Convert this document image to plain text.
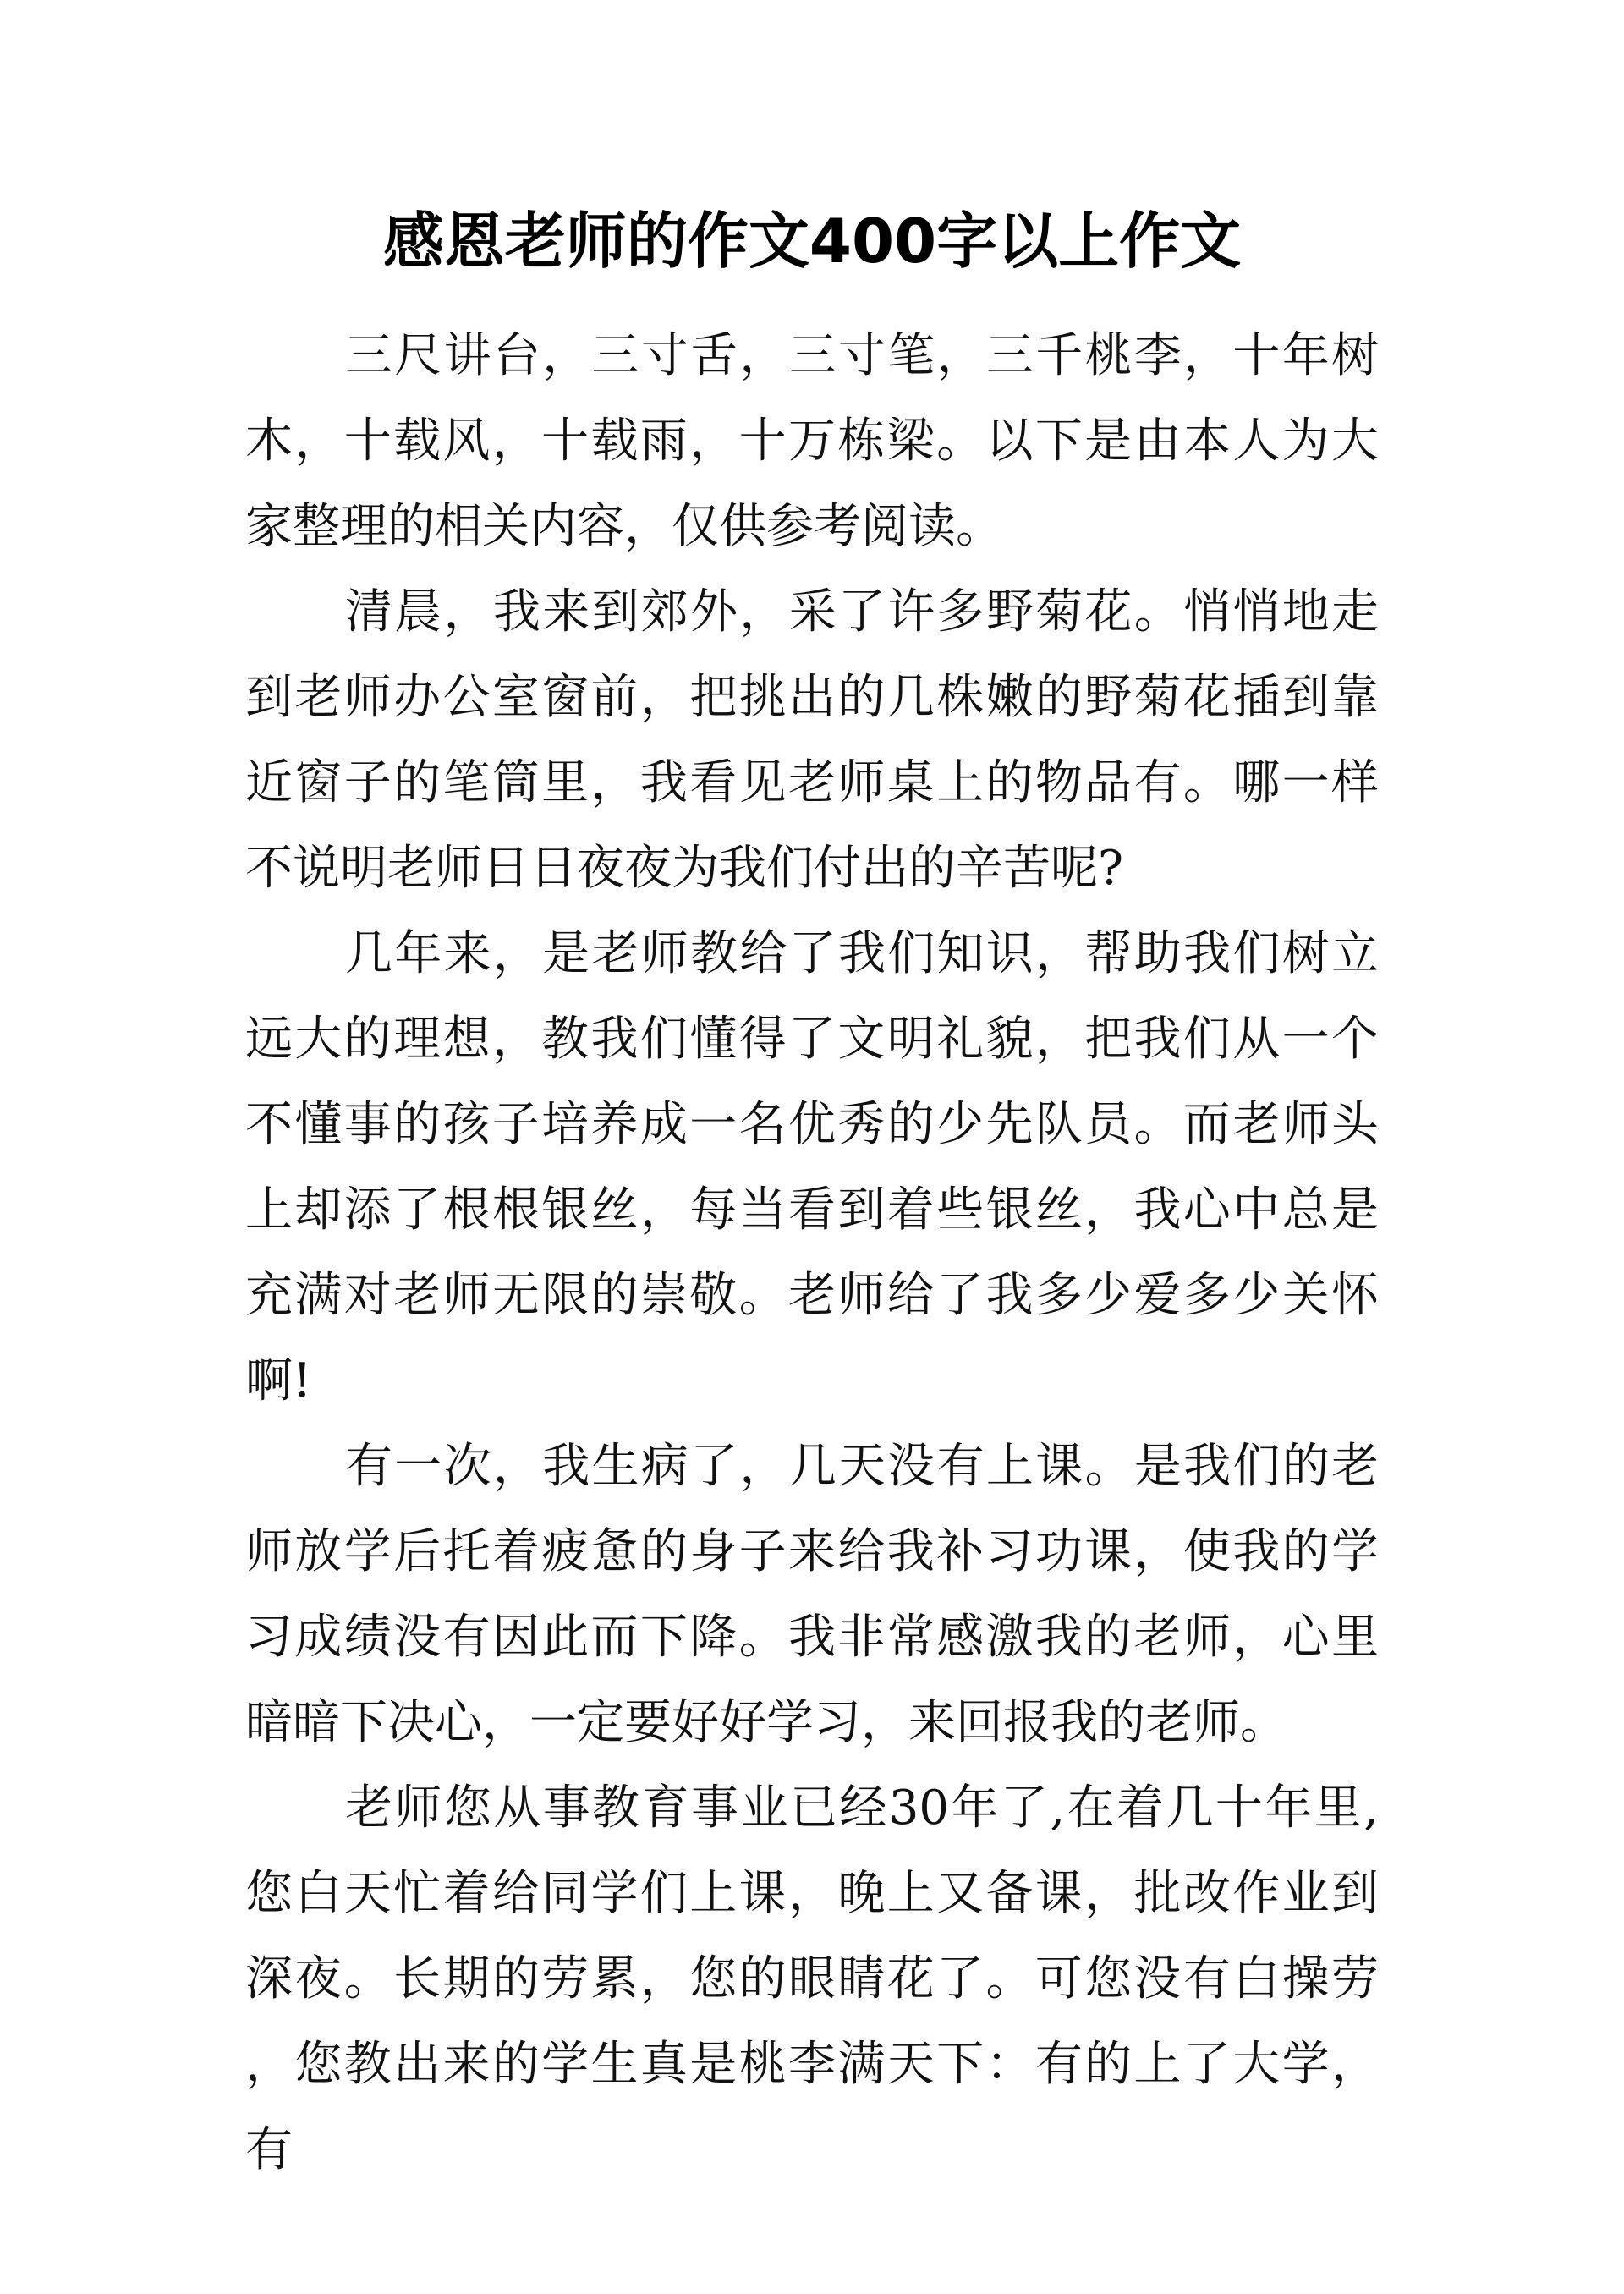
感恩老师的作文400字以上作文

三尺讲台，三寸舌，三寸笔，三千桃李，十年树木，十载风，十载雨，十万栋梁。以下是由本人为大家整理的相关内容，仅供参考阅读。

清晨，我来到郊外，采了许多野菊花。悄悄地走到老师办公室窗前，把挑出的几株嫩的野菊花插到靠近窗子的笔筒里，我看见老师桌上的物品有。哪一样不说明老师日日夜夜为我们付出的辛苦呢?

几年来，是老师教给了我们知识，帮助我们树立远大的理想，教我们懂得了文明礼貌，把我们从一个不懂事的孩子培养成一名优秀的少先队员。而老师头上却添了根根银丝，每当看到着些银丝，我心中总是充满对老师无限的崇敬。老师给了我多少爱多少关怀啊!

有一次，我生病了，几天没有上课。是我们的老师放学后托着疲惫的身子来给我补习功课，使我的学习成绩没有因此而下降。我非常感激我的老师，心里暗暗下决心，一定要好好学习，来回报我的老师。

老师您从事教育事业已经30年了,在着几十年里,您白天忙着给同学们上课，晚上又备课，批改作业到深夜。长期的劳累，您的眼睛花了。可您没有白操劳，您教出来的学生真是桃李满天下：有的上了大学，有
